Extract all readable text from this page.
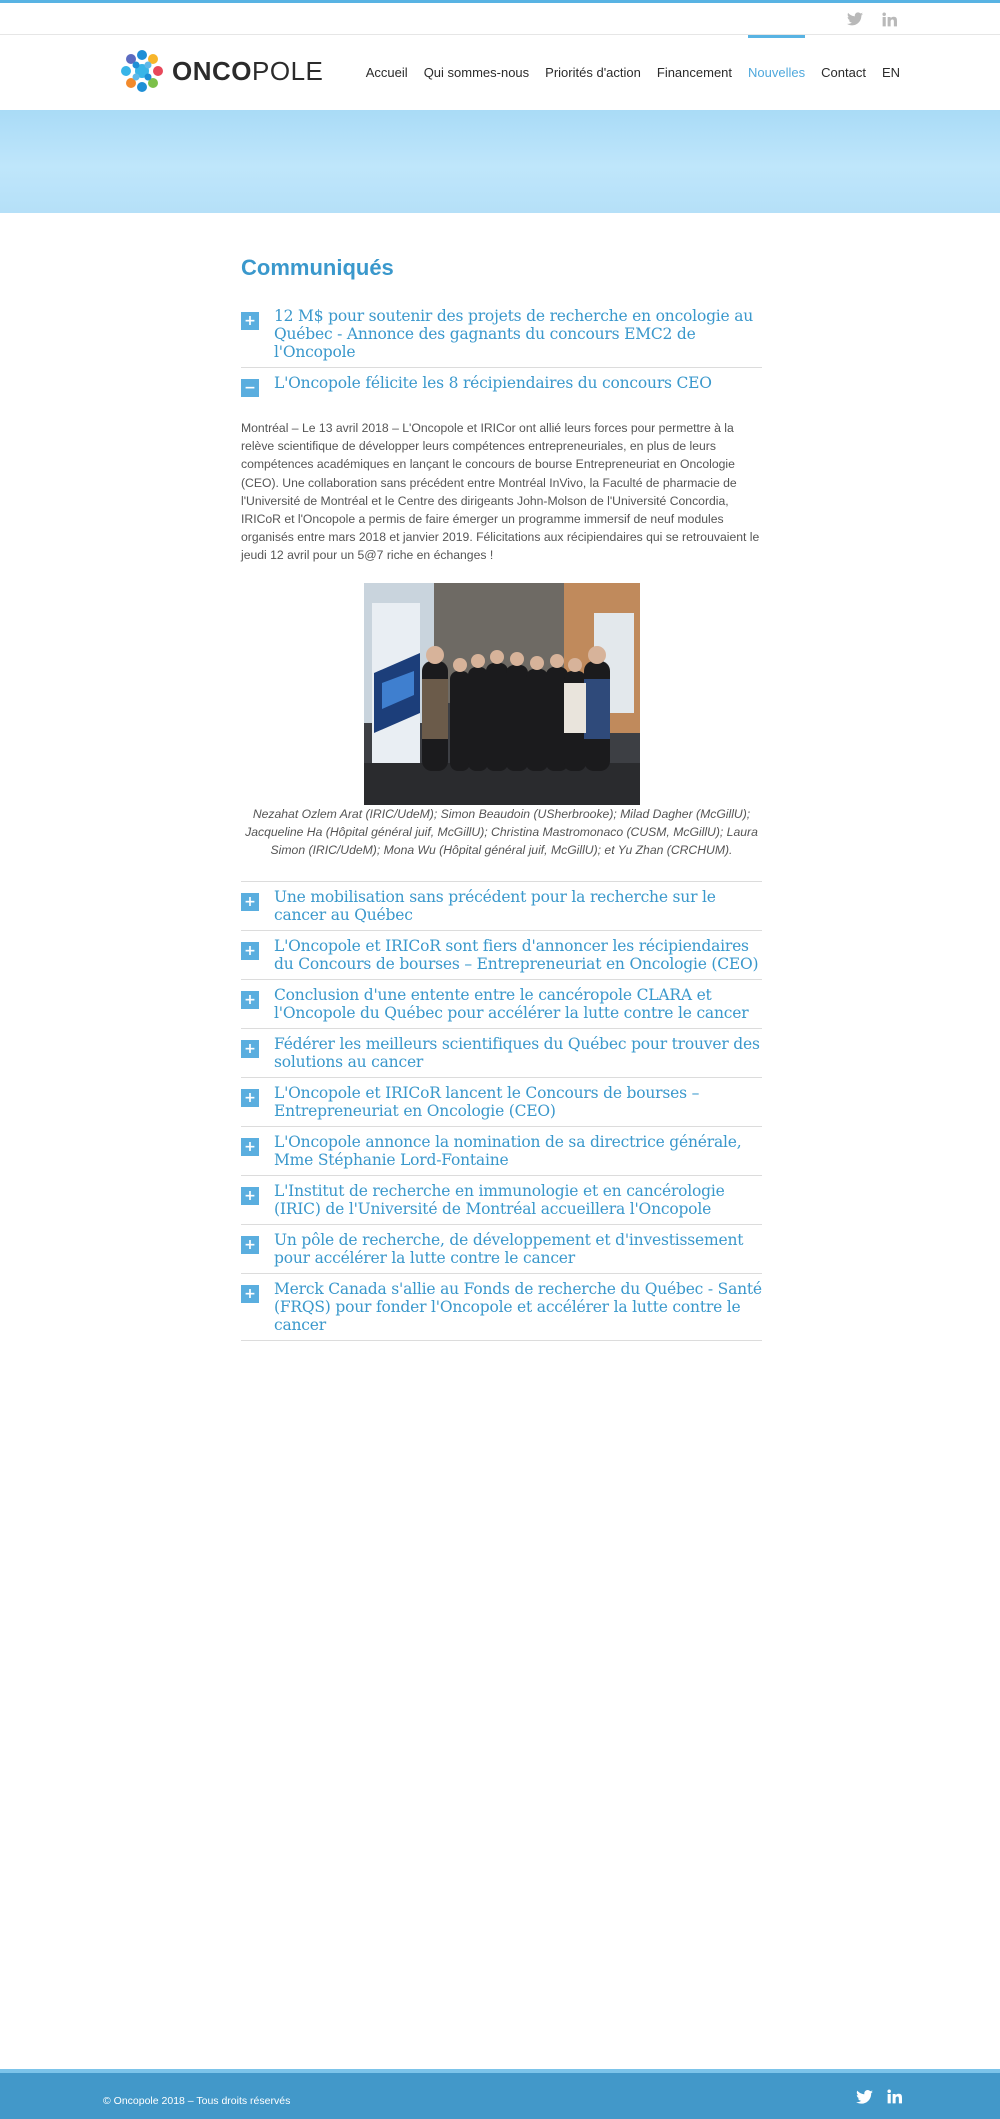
ONCOPOLE	Accueil Qui sommes-nous Priorités d'action Financement Nouvelles Contact EN
Communiqués
+ 12 M$ pour soutenir des projets de recherche en oncologie au Québec - Annonce des gagnants du concours EMC2 de l'Oncopole
− L'Oncopole félicite les 8 récipiendaires du concours CEO

Montréal – Le 13 avril 2018 – L'Oncopole et IRICor ont allié leurs forces pour permettre à la relève scientifique de développer leurs compétences entrepreneuriales, en plus de leurs compétences académiques en lançant le concours de bourse Entrepreneuriat en Oncologie (CEO). Une collaboration sans précédent entre Montréal InVivo, la Faculté de pharmacie de l'Université de Montréal et le Centre des dirigeants John-Molson de l'Université Concordia, IRICoR et l'Oncopole a permis de faire émerger un programme immersif de neuf modules organisés entre mars 2018 et janvier 2019. Félicitations aux récipiendaires qui se retrouvaient le jeudi 12 avril pour un 5@7 riche en échanges !

Nezahat Ozlem Arat (IRIC/UdeM); Simon Beaudoin (USherbrooke); Milad Dagher (McGillU); Jacqueline Ha (Hôpital général juif, McGillU); Christina Mastromonaco (CUSM, McGillU); Laura Simon (IRIC/UdeM); Mona Wu (Hôpital général juif, McGillU); et Yu Zhan (CRCHUM).

+ Une mobilisation sans précédent pour la recherche sur le cancer au Québec
+ L'Oncopole et IRICoR sont fiers d'annoncer les récipiendaires du Concours de bourses – Entrepreneuriat en Oncologie (CEO)
+ Conclusion d'une entente entre le cancéropole CLARA et l'Oncopole du Québec pour accélérer la lutte contre le cancer
+ Fédérer les meilleurs scientifiques du Québec pour trouver des solutions au cancer
+ L'Oncopole et IRICoR lancent le Concours de bourses – Entrepreneuriat en Oncologie (CEO)
+ L'Oncopole annonce la nomination de sa directrice générale, Mme Stéphanie Lord-Fontaine
+ L'Institut de recherche en immunologie et en cancérologie (IRIC) de l'Université de Montréal accueillera l'Oncopole
+ Un pôle de recherche, de développement et d'investissement pour accélérer la lutte contre le cancer
+ Merck Canada s'allie au Fonds de recherche du Québec - Santé (FRQS) pour fonder l'Oncopole et accélérer la lutte contre le cancer
© Oncopole 2018 – Tous droits réservés
